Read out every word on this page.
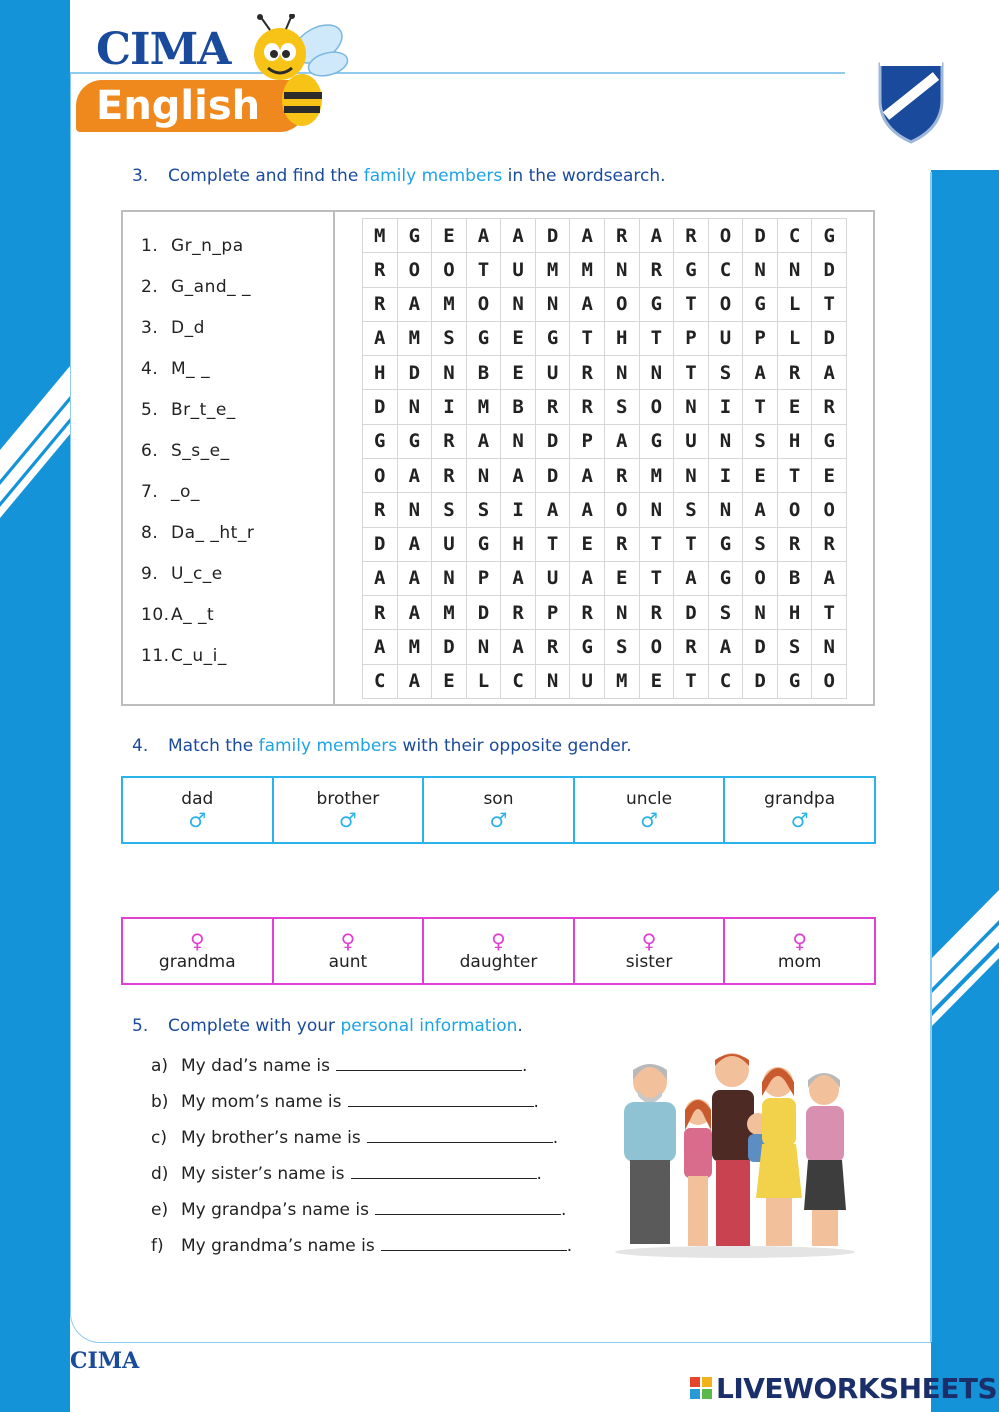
CIMA
English
3. Complete and find the family members in the wordsearch.
1. Gr_n_pa
2. G_and_ _
3. D_d
4. M_ _
5. Br_t_e_
6. S_s_e_
7. _o_
8. Da_ _ht_r
9. U_c_e
10.A_ _t
11.C_u_i_
M	G	E	A	A	D	A	R	A	R	O	D	C	G
R	O	O	T	U	M	M	N	R	G	C	N	N	D
R	A	M	O	N	N	A	O	G	T	O	G	L	T
A	M	S	G	E	G	T	H	T	P	U	P	L	D
H	D	N	B	E	U	R	N	N	T	S	A	R	A
D	N	I	M	B	R	R	S	O	N	I	T	E	R
G	G	R	A	N	D	P	A	G	U	N	S	H	G
O	A	R	N	A	D	A	R	M	N	I	E	T	E
R	N	S	S	I	A	A	O	N	S	N	A	O	O
D	A	U	G	H	T	E	R	T	T	G	S	R	R
A	A	N	P	A	U	A	E	T	A	G	O	B	A
R	A	M	D	R	P	R	N	R	D	S	N	H	T
A	M	D	N	A	R	G	S	O	R	A	D	S	N
C	A	E	L	C	N	U	M	E	T	C	D	G	O
4. Match the family members with their opposite gender.
dad
♂
brother
♂
son
♂
uncle
♂
grandpa
♂
♀
grandma
♀
aunt
♀
daughter
♀
sister
♀
mom
5. Complete with your personal information.
a) My dad’s name is	.
b) My mom’s name is	.
c) My brother’s name is	.
d) My sister’s name is	.
e) My grandpa’s name is	.
f) My grandma’s name is	.
CIMA
LIVEWORKSHEETS
